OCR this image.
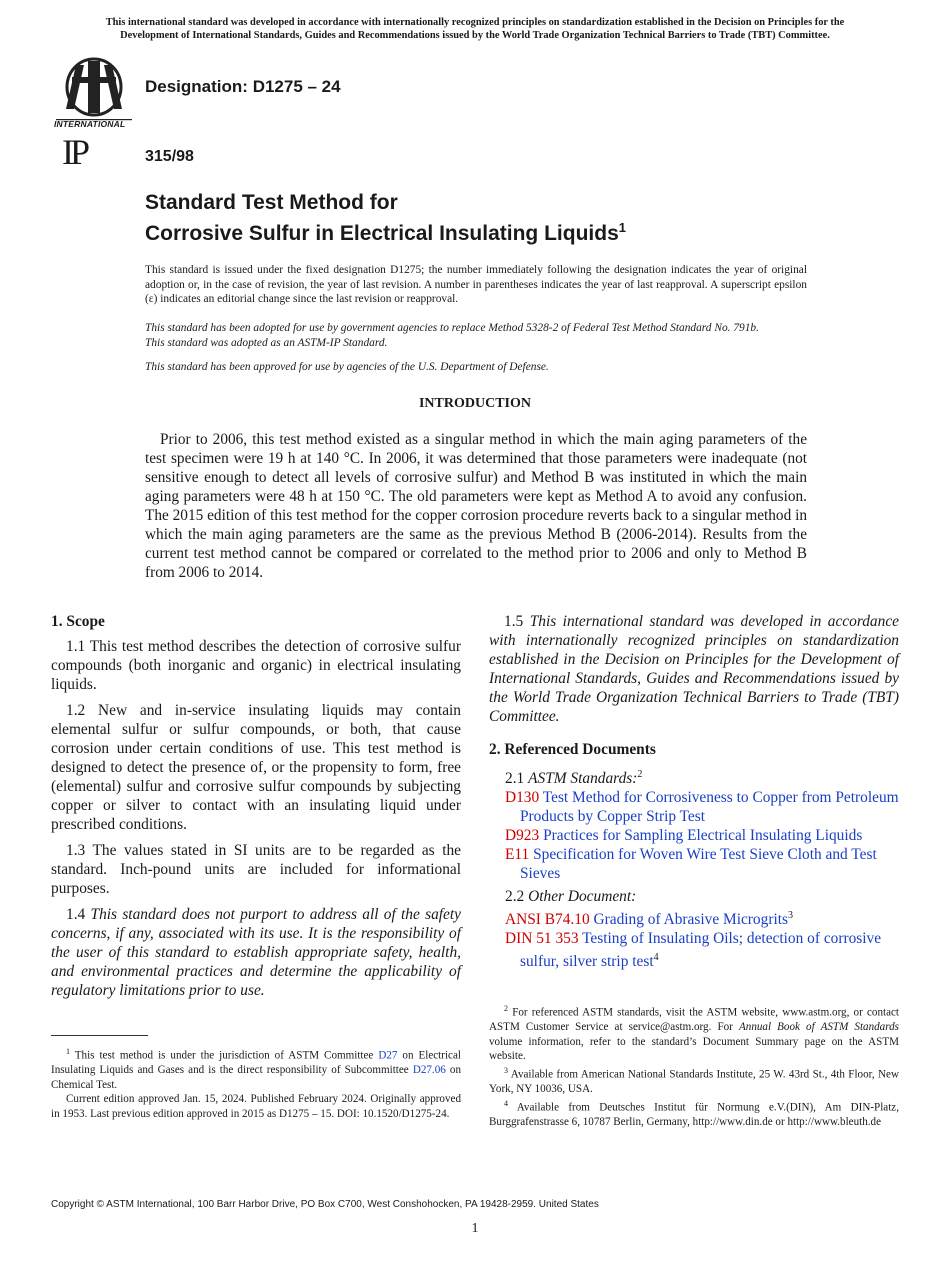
This international standard was developed in accordance with internationally recognized principles on standardization established in the Decision on Principles for the
Development of International Standards, Guides and Recommendations issued by the World Trade Organization Technical Barriers to Trade (TBT) Committee.
INTERNATIONAL
IP
Designation: D1275 – 24
315/98
Standard Test Method for
Corrosive Sulfur in Electrical Insulating Liquids$^1$
This standard is issued under the fixed designation D1275; the number immediately following the designation indicates the year of original adoption or, in the case of revision, the year of last revision. A number in parentheses indicates the year of last reapproval. A superscript epsilon (ε) indicates an editorial change since the last revision or reapproval.
This standard has been adopted for use by government agencies to replace Method 5328-2 of Federal Test Method Standard No. 791b.
This standard was adopted as an ASTM-IP Standard.
This standard has been approved for use by agencies of the U.S. Department of Defense.
INTRODUCTION
Prior to 2006, this test method existed as a singular method in which the main aging parameters of the test specimen were 19 h at 140 °C. In 2006, it was determined that those parameters were inadequate (not sensitive enough to detect all levels of corrosive sulfur) and Method B was instituted in which the main aging parameters were 48 h at 150 °C. The old parameters were kept as Method A to avoid any confusion. The 2015 edition of this test method for the copper corrosion procedure reverts back to a singular method in which the main aging parameters are the same as the previous Method B (2006-2014). Results from the current test method cannot be compared or correlated to the method prior to 2006 and only to Method B from 2006 to 2014.

1. Scope

1.1 This test method describes the detection of corrosive sulfur compounds (both inorganic and organic) in electrical insulating liquids.

1.2 New and in-service insulating liquids may contain elemental sulfur or sulfur compounds, or both, that cause corrosion under certain conditions of use. This test method is designed to detect the presence of, or the propensity to form, free (elemental) sulfur and corrosive sulfur compounds by subjecting copper or silver to contact with an insulating liquid under prescribed conditions.

1.3 The values stated in SI units are to be regarded as the standard. Inch-pound units are included for informational purposes.

1.4 This standard does not purport to address all of the safety concerns, if any, associated with its use. It is the responsibility of the user of this standard to establish appropriate safety, health, and environmental practices and determine the applicability of regulatory limitations prior to use.

$^1$ This test method is under the jurisdiction of ASTM Committee D27 on Electrical Insulating Liquids and Gases and is the direct responsibility of Subcommittee D27.06 on Chemical Test.

Current edition approved Jan. 15, 2024. Published February 2024. Originally approved in 1953. Last previous edition approved in 2015 as D1275 – 15. DOI: 10.1520/D1275-24.

1.5 This international standard was developed in accordance with internationally recognized principles on standardization established in the Decision on Principles for the Development of International Standards, Guides and Recommendations issued by the World Trade Organization Technical Barriers to Trade (TBT) Committee.

2. Referenced Documents

2.1 ASTM Standards:$^2$

D130 Test Method for Corrosiveness to Copper from Petroleum Products by Copper Strip Test

D923 Practices for Sampling Electrical Insulating Liquids

E11 Specification for Woven Wire Test Sieve Cloth and Test Sieves

2.2 Other Document:

ANSI B74.10 Grading of Abrasive Microgrits$^3$

DIN 51 353 Testing of Insulating Oils; detection of corrosive sulfur, silver strip test$^4$

$^2$ For referenced ASTM standards, visit the ASTM website, www.astm.org, or contact ASTM Customer Service at service@astm.org. For Annual Book of ASTM Standards volume information, refer to the standard’s Document Summary page on the ASTM website.

$^3$ Available from American National Standards Institute, 25 W. 43rd St., 4th Floor, New York, NY 10036, USA.

$^4$ Available from Deutsches Institut für Normung e.V.(DIN), Am DIN-Platz, Burggrafenstrasse 6, 10787 Berlin, Germany, http://www.din.de or http://www.bleuth.de

Copyright © ASTM International, 100 Barr Harbor Drive, PO Box C700, West Conshohocken, PA 19428-2959. United States
1
